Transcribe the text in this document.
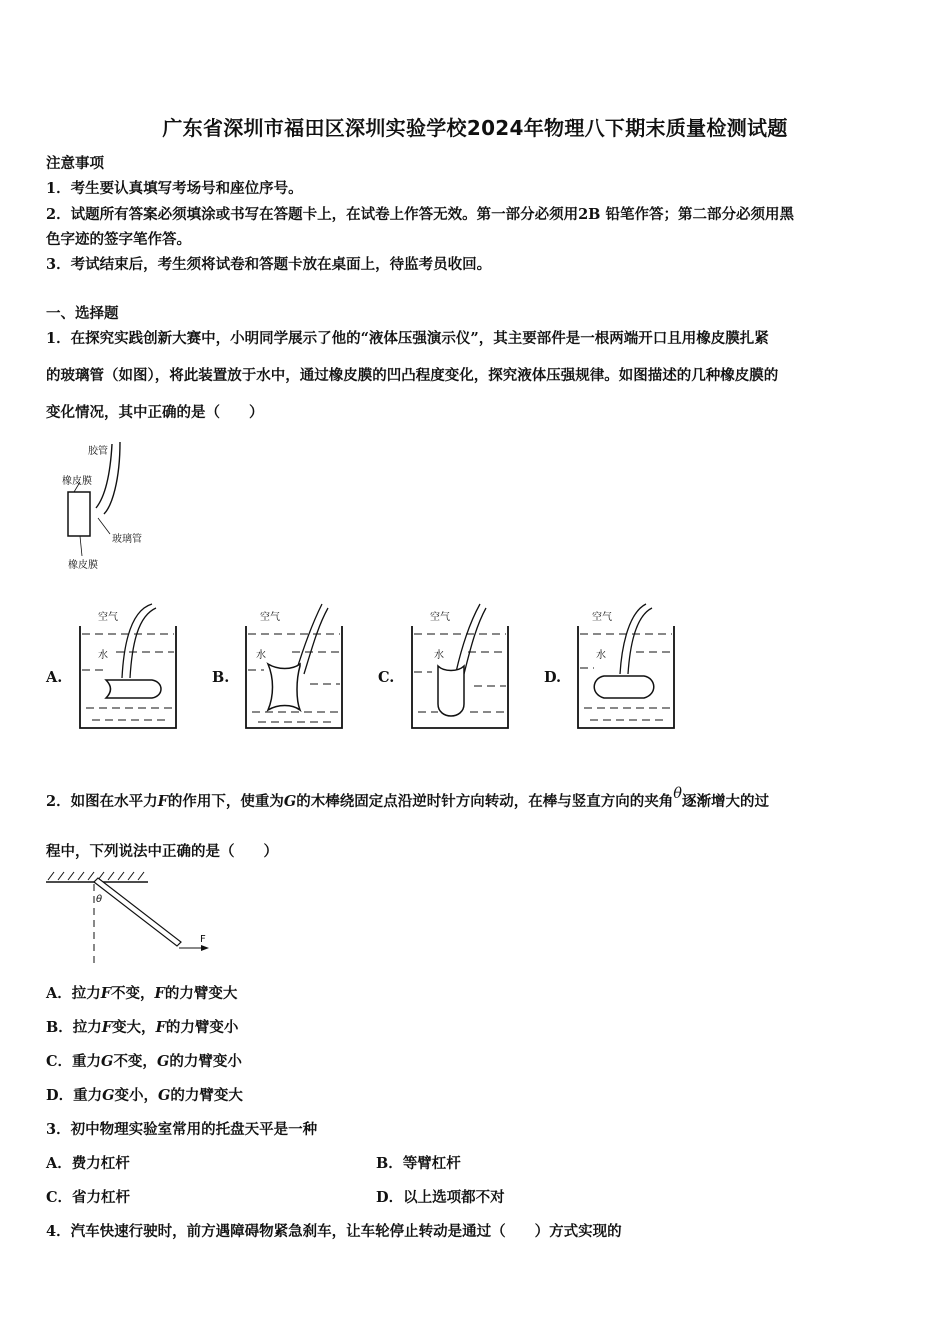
广东省深圳市福田区深圳实验学校2024年物理八下期末质量检测试题
注意事项
1．考生要认真填写考场号和座位序号。
2．试题所有答案必须填涂或书写在答题卡上，在试卷上作答无效。第一部分必须用2B 铅笔作答；第二部分必须用黑
色字迹的签字笔作答。
3．考试结束后，考生须将试卷和答题卡放在桌面上，待监考员收回。
一、选择题
1．在探究实践创新大赛中，小明同学展示了他的“液体压强演示仪”，其主要部件是一根两端开口且用橡皮膜扎紧
的玻璃管（如图），将此装置放于水中，通过橡皮膜的凹凸程度变化，探究液体压强规律。如图描述的几种橡皮膜的
变化情况，其中正确的是（　　）
胶管
橡皮膜
玻璃管
橡皮膜
A.	B.	C.	D.
空气
水
空气
水
空气
水
空气
水
2．如图在水平力F的作用下，使重为G的木棒绕固定点沿逆时针方向转动，在棒与竖直方向的夹角θ逐渐增大的过
程中，下列说法中正确的是（　　）
θ
F
A．拉力F不变，F的力臂变大
B．拉力F变大，F的力臂变小
C．重力G不变，G的力臂变小
D．重力G变小，G的力臂变大
3．初中物理实验室常用的托盘天平是一种
A．费力杠杆	B．等臂杠杆
C．省力杠杆	D．以上选项都不对
4．汽车快速行驶时，前方遇障碍物紧急刹车，让车轮停止转动是通过（　　）方式实现的
